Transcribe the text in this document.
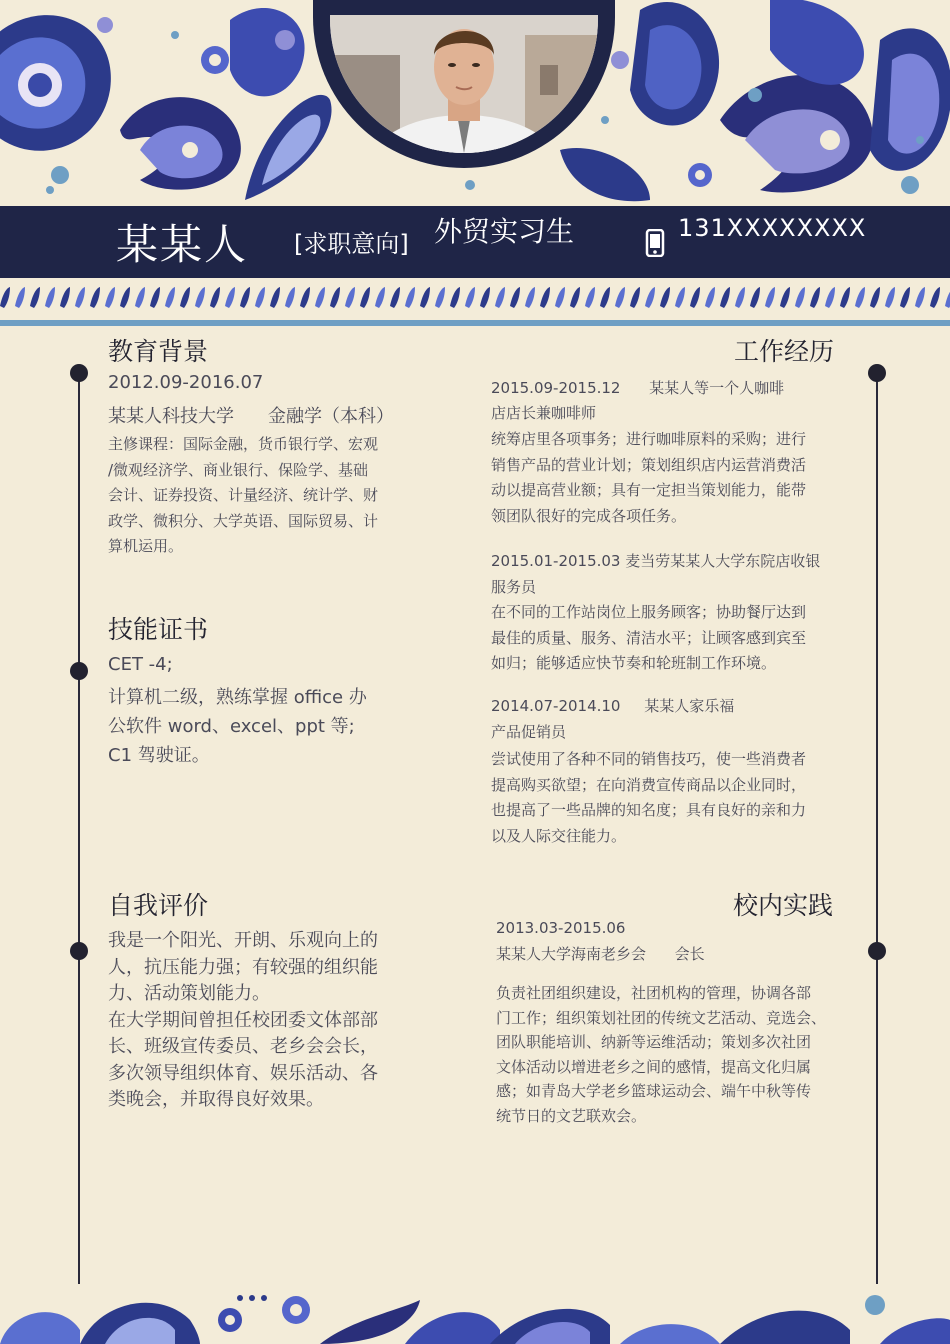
某某人 [求职意向] 外贸实习生	131XXXXXXXX
教育背景
2012.09-2016.07
某某人科技大学 金融学（本科）
主修课程：国际金融，货币银行学、宏观
/微观经济学、商业银行、保险学、基础
会计、证券投资、计量经济、统计学、财
政学、微积分、大学英语、国际贸易、计
算机运用。
技能证书
CET -4;
计算机二级，熟练掌握 office 办
公软件 word、excel、ppt 等;
C1 驾驶证。
自我评价
我是一个阳光、开朗、乐观向上的
人，抗压能力强；有较强的组织能
力、活动策划能力。
在大学期间曾担任校团委文体部部
长、班级宣传委员、老乡会会长，
多次领导组织体育、娱乐活动、各
类晚会，并取得良好效果。
工作经历
2015.09-2015.12      某某人等一个人咖啡
店店长兼咖啡师
统筹店里各项事务；进行咖啡原料的采购；进行
销售产品的营业计划；策划组织店内运营消费活
动以提高营业额；具有一定担当策划能力，能带
领团队很好的完成各项任务。
2015.01-2015.03 麦当劳某某人大学东院店收银
服务员
在不同的工作站岗位上服务顾客；协助餐厅达到
最佳的质量、服务、清洁水平；让顾客感到宾至
如归；能够适应快节奏和轮班制工作环境。
2014.07-2014.10     某某人家乐福
产品促销员
尝试使用了各种不同的销售技巧，使一些消费者
提高购买欲望；在向消费宣传商品以企业同时，
也提高了一些品牌的知名度；具有良好的亲和力
以及人际交往能力。
校内实践
2013.03-2015.06
某某人大学海南老乡会      会长
负责社团组织建设，社团机构的管理，协调各部
门工作；组织策划社团的传统文艺活动、竞选会、
团队职能培训、纳新等运维活动；策划多次社团
文体活动以增进老乡之间的感情，提高文化归属
感；如青岛大学老乡篮球运动会、端午中秋等传
统节日的文艺联欢会。
